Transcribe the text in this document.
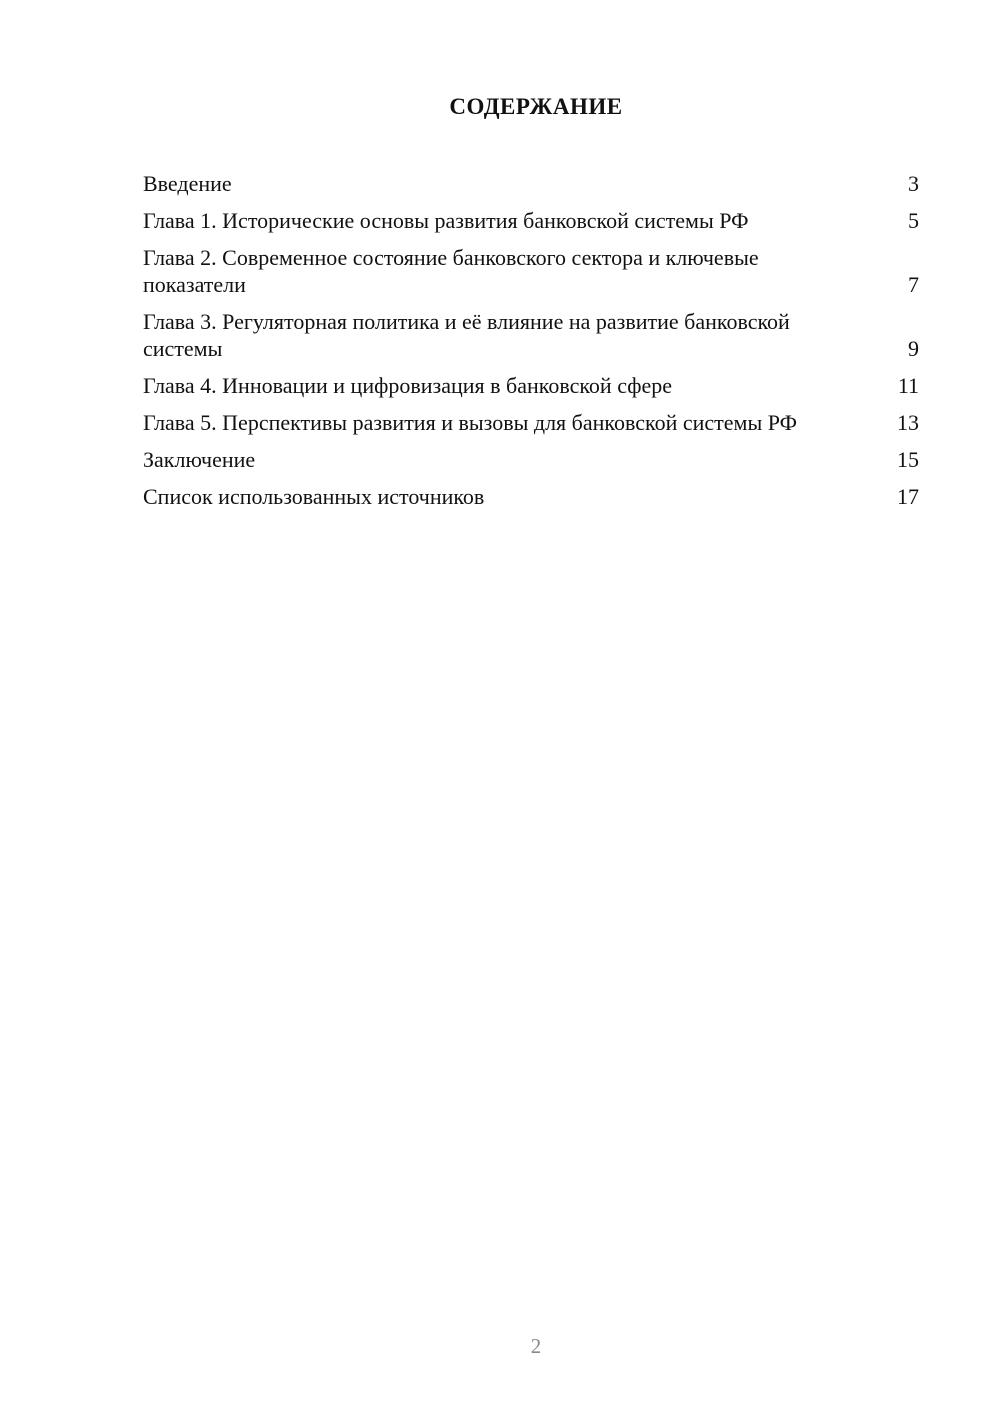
СОДЕРЖАНИЕ
Введение	3
Глава 1. Исторические основы развития банковской системы РФ	5
Глава 2. Современное состояние банковского сектора и ключевые показатели	7
Глава 3. Регуляторная политика и её влияние на развитие банковской системы	9
Глава 4. Инновации и цифровизация в банковской сфере	11
Глава 5. Перспективы развития и вызовы для банковской системы РФ	13
Заключение	15
Список использованных источников	17
2
